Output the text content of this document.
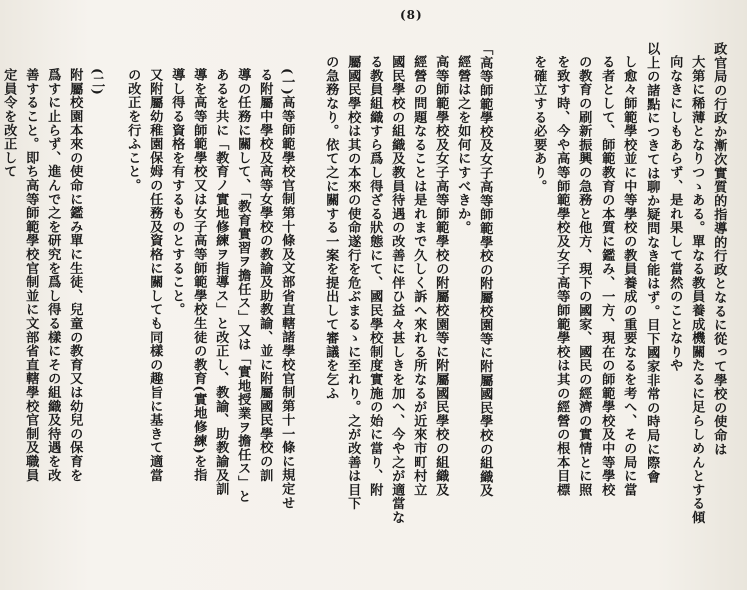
(8)
政官局の行政か漸次實質的指導的行政となるに從って學校の使命は
大第に稀薄となりつゝある。單なる教員養成機關たるに足らしめんとする傾
向なきにしもあらず、是れ果して當然のことなりや
以上の諸點につきては聊か疑問なき能はず。目下國家非常の時局に際會
し愈々師範學校並に中等學校の教員養成の重要なるを考へ、その局に當
る者として、師範教育の本質に鑑み、一方、現在の師範學校及中等學校
の教育の刷新振興の急務と他方、現下の國家、國民の經濟の實情とに照
を致す時、今や高等師範學校及女子高等師範學校は其の經營の根本目標
を確立する必要あり。
「高等師範學校及女子高等師範學校の附屬校園等に附屬國民學校の組織及
經營は之を如何にすべきか。
高等師範學校及女子高等師範學校の附屬校園等に附屬國民學校の組織及
經營の問題なることは是れまで久しく訴へ來れる所なるが近來市町村立
國民學校の組織及教員待遇の改善に伴ひ益々甚しきを加へ、今や之が適當な
る教員組織すら爲し得ざる狀態にて、國民學校制度實施の始に當り、附
屬國民學校は其の本來の使命遂行を危ぶまるゝに至れり。之が改善は目下
の急務なり。依て之に關する一案を提出して審議を乞ふ
(一)高等師範學校官制第十條及文部省直轄諸學校官制第十一條に規定せ
る附屬中學校及高等女學校の教諭及助教諭、並に附屬國民學校の訓
導の任務に關して、「教育實習ヲ擔任ス」又は「實地授業ヲ擔任ス」と
あるを共に「教育ノ實地修練ヲ指導ス」と改正し、教諭、助教諭及訓
導を高等師範學校又は女子高等師範學校生徒の教育(實地修練)を指
導し得る資格を有するものとすること。
又附屬幼稚園保姆の任務及資格に關しても同樣の趣旨に基きて適當
の改正を行ふこと。
(二)
附屬校園本來の使命に鑑み單に生徒、兒童の教育又は幼兒の保育を
爲すに止らず、進んで之を研究を爲し得る樣にその組織及待遇を改
善すること。即ち高等師範學校官制並に文部省直轄學校官制及職員
定員令を改正して
